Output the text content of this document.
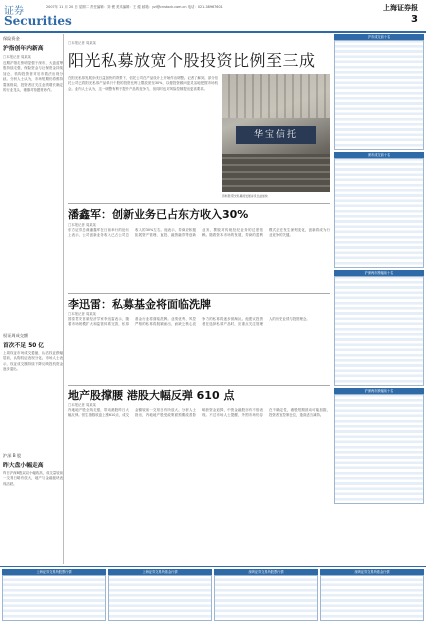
证券
Securities
2007年 11 月 20 日 星期二 责任编辑：刘 俊 美术编辑：王 健 邮箱：yzl@cnstock.com.cn 电话：021-38967601	上海证券报
3
保险资金
沪指创年内新高
□本报记者 周某某
近期沪指走势明显强于深市，大盘蓝筹股持续走强，保险资金与社保资金持续加仓，机构投资者对后市看法出现分歧。分析人士认为，市场短期仍将维持震荡格局，投资者应关注业绩增长确定的行业龙头，谨慎对待题材炒作。
权证周成交额
首次不足 50 亿
上周权证市场成交萎缩，认沽权证跌幅居前，认购权证表现分化。市场人士表示，权证成交额持续下降反映投机资金逐步退出。
沪深 B 股
昨大盘小幅走高
昨日沪深B股双双小幅收高，成交量较前一交易日略有放大，地产与金融板块表现活跃。
□本报记者 周某某
阳光私募放宽个股投资比例至三成
在阳光私募发展步伐日益加快的背景下，信托公司在产品设计上开始作出调整。记者了解到，部分信托公司已将阳光私募产品单只个股的投资比例上限放宽至30%，以便投资顾问更灵活地把握市场机会。业内人士认为，这一调整有利于提升产品的竞争力，但同时也对风险控制提出更高要求。
华宝信托
资料图 阳光私募的发展步伐日益加快
潘鑫军：创新业务已占东方收入30%
□本报记者 周某某
东方证券总裁潘鑫军在日前举行的论坛上表示，公司创新业务收入已占公司总收入的30%左右。他表示，券商应积极拓展资产管理、直投、融资融券等创新业务，摆脱对传统经纪业务的过度依赖。随着资本市场的发展，券商的盈利模式正在发生深刻变化，创新将成为行业竞争的关键。
李迅雷：私募基金将面临洗牌
□本报记者 周某某
国泰君安首席经济学家李迅雷表示，随着市场规模扩大和监管体系完善，私募基金行业将面临洗牌。业绩优秀、风控严格的私募将脱颖而出，而缺乏核心竞争力的私募将逐步被淘汰。他建议投资者在选择私募产品时，应重点关注管理人的历史业绩与投资理念。
地产股撑腰 港股大幅反弹 610 点
□本报记者 周某某
内地地产股全线走强，带动港股昨日大幅反弹。恒生指数收盘上涨610点，成交金额较前一交易日有所放大。分析人士指出，内地地产股受政策面预期改善影响获资金追捧，中资金融股亦有不俗表现。不过市场人士提醒，外围市场仍存在不确定性，港股短期波动可能加剧，投资者宜控制仓位，逢高适当减持。
沪市成交前十名
深市成交前十名
沪深两市涨幅前十名
沪深两市跌幅前十名
上海证券交易所股票行情	上海证券交易所基金行情	深圳证券交易所股票行情	深圳证券交易所基金行情
